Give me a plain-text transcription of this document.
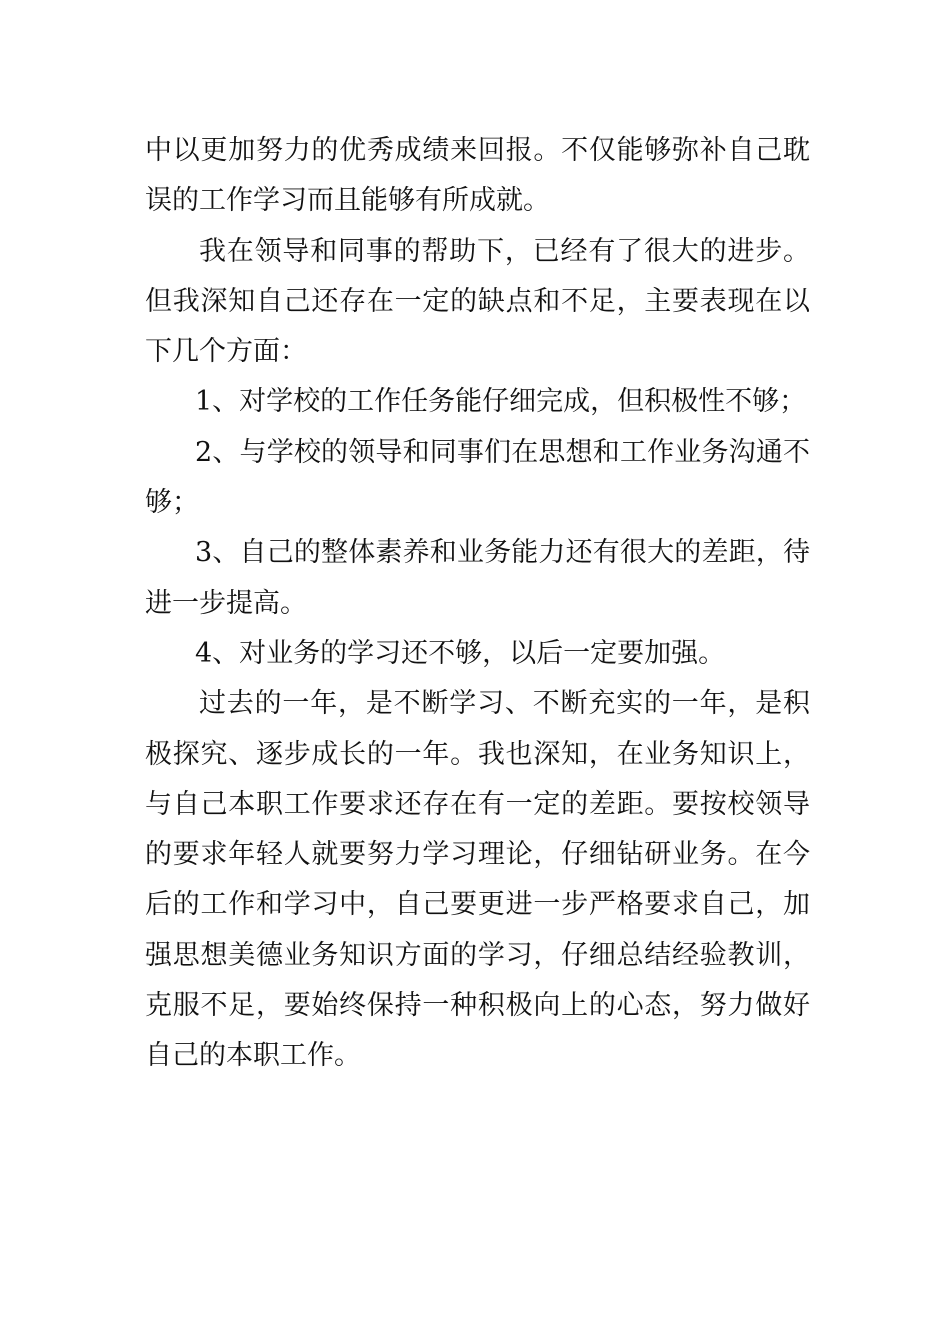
中以更加努力的优秀成绩来回报。不仅能够弥补自己耽误的工作学习而且能够有所成就。

我在领导和同事的帮助下，已经有了很大的进步。但我深知自己还存在一定的缺点和不足，主要表现在以下几个方面：

1、对学校的工作任务能仔细完成，但积极性不够；

2、与学校的领导和同事们在思想和工作业务沟通不够；

3、自己的整体素养和业务能力还有很大的差距，待进一步提高。

4、对业务的学习还不够，以后一定要加强。

过去的一年，是不断学习、不断充实的一年，是积极探究、逐步成长的一年。我也深知，在业务知识上，与自己本职工作要求还存在有一定的差距。要按校领导的要求年轻人就要努力学习理论，仔细钻研业务。在今后的工作和学习中，自己要更进一步严格要求自己，加强思想美德业务知识方面的学习，仔细总结经验教训，克服不足，要始终保持一种积极向上的心态，努力做好自己的本职工作。
